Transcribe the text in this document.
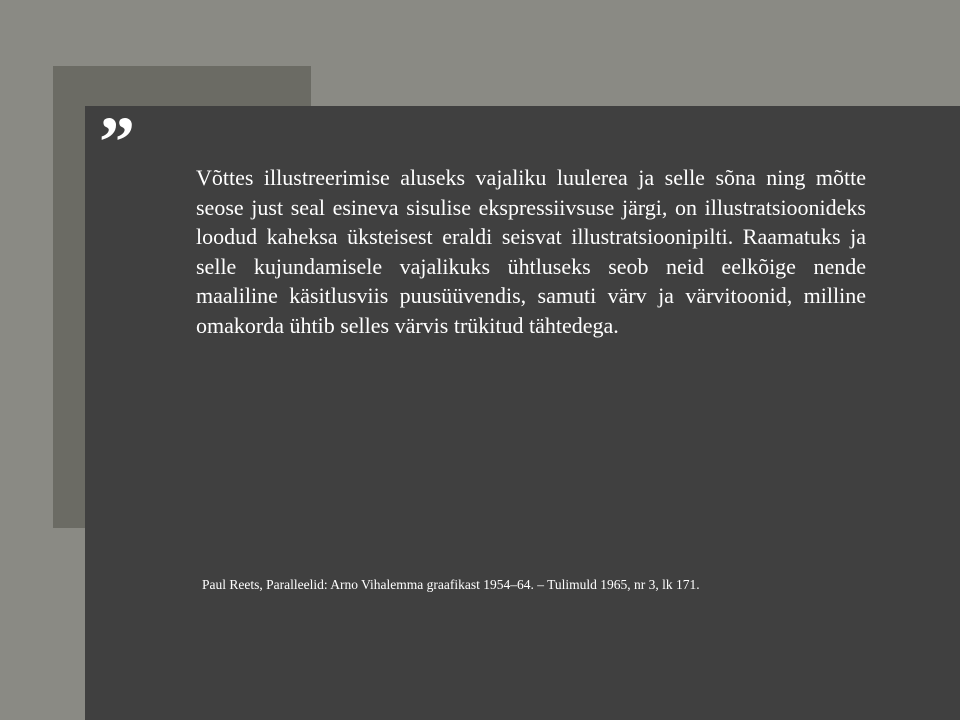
”	Võttes illustreerimise aluseks vajaliku luulerea ja selle sõna ning mõtte seose just seal esineva sisulise ekspressiivsuse järgi, on illustratsioonideks loodud kaheksa üksteisest eraldi seisvat illustratsioonipilti. Raamatuks ja selle kujundamisele vajalikuks ühtluseks seob neid eelkõige nende maaliline käsitlusviis puusüüvendis, samuti värv ja värvitoonid, milline omakorda ühtib selles värvis trükitud tähtedega.

Paul Reets, Paralleelid: Arno Vihalemma graafikast 1954–64. – Tulimuld 1965, nr 3, lk 171.
